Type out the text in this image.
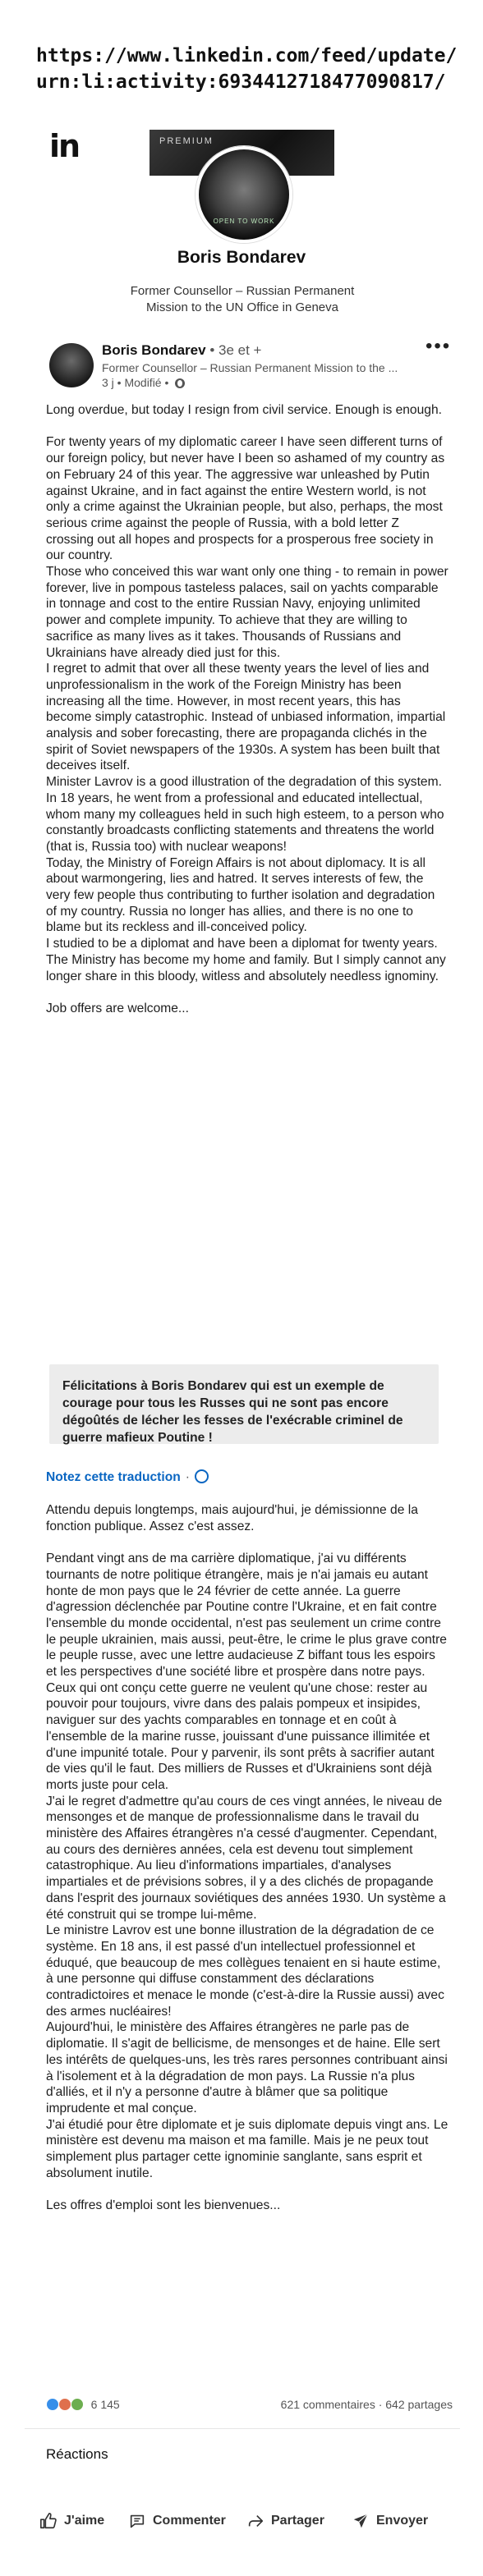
https://www.linkedin.com/feed/update/urn:li:activity:6934412718477090817/
in	PREMIUM
OPEN TO WORK
Boris Bondarev
Former Counsellor – Russian Permanent Mission to the UN Office in Geneva
Boris Bondarev • 3e et +	•••
Former Counsellor – Russian Permanent Mission to the ...
3 j • Modifié •

Long overdue, but today I resign from civil service. Enough is enough.

For twenty years of my diplomatic career I have seen different turns of our foreign policy, but never have I been so ashamed of my country as on February 24 of this year. The aggressive war unleashed by Putin against Ukraine, and in fact against the entire Western world, is not only a crime against the Ukrainian people, but also, perhaps, the most serious crime against the people of Russia, with a bold letter Z crossing out all hopes and prospects for a prosperous free society in our country.

Those who conceived this war want only one thing - to remain in power forever, live in pompous tasteless palaces, sail on yachts comparable in tonnage and cost to the entire Russian Navy, enjoying unlimited power and complete impunity. To achieve that they are willing to sacrifice as many lives as it takes. Thousands of Russians and Ukrainians have already died just for this.

I regret to admit that over all these twenty years the level of lies and unprofessionalism in the work of the Foreign Ministry has been increasing all the time. However, in most recent years, this has become simply catastrophic. Instead of unbiased information, impartial analysis and sober forecasting, there are propaganda clichés in the spirit of Soviet newspapers of the 1930s. A system has been built that deceives itself.

Minister Lavrov is a good illustration of the degradation of this system. In 18 years, he went from a professional and educated intellectual, whom many my colleagues held in such high esteem, to a person who constantly broadcasts conflicting statements and threatens the world (that is, Russia too) with nuclear weapons!

Today, the Ministry of Foreign Affairs is not about diplomacy. It is all about warmongering, lies and hatred. It serves interests of few, the very few people thus contributing to further isolation and degradation of my country. Russia no longer has allies, and there is no one to blame but its reckless and ill-conceived policy.

I studied to be a diplomat and have been a diplomat for twenty years. The Ministry has become my home and family. But I simply cannot any longer share in this bloody, witless and absolutely needless ignominy.

Job offers are welcome...

Félicitations à Boris Bondarev qui est un exemple de courage pour tous les Russes qui ne sont pas encore dégoûtés de lécher les fesses de l'exécrable criminel de guerre mafieux Poutine !
Notez cette traduction ·

Attendu depuis longtemps, mais aujourd'hui, je démissionne de la fonction publique. Assez c'est assez.

Pendant vingt ans de ma carrière diplomatique, j'ai vu différents tournants de notre politique étrangère, mais je n'ai jamais eu autant honte de mon pays que le 24 février de cette année. La guerre d'agression déclenchée par Poutine contre l'Ukraine, et en fait contre l'ensemble du monde occidental, n'est pas seulement un crime contre le peuple ukrainien, mais aussi, peut-être, le crime le plus grave contre le peuple russe, avec une lettre audacieuse Z biffant tous les espoirs et les perspectives d'une société libre et prospère dans notre pays.

Ceux qui ont conçu cette guerre ne veulent qu'une chose: rester au pouvoir pour toujours, vivre dans des palais pompeux et insipides, naviguer sur des yachts comparables en tonnage et en coût à l'ensemble de la marine russe, jouissant d'une puissance illimitée et d'une impunité totale. Pour y parvenir, ils sont prêts à sacrifier autant de vies qu'il le faut. Des milliers de Russes et d'Ukrainiens sont déjà morts juste pour cela.

J'ai le regret d'admettre qu'au cours de ces vingt années, le niveau de mensonges et de manque de professionnalisme dans le travail du ministère des Affaires étrangères n'a cessé d'augmenter. Cependant, au cours des dernières années, cela est devenu tout simplement catastrophique. Au lieu d'informations impartiales, d'analyses impartiales et de prévisions sobres, il y a des clichés de propagande dans l'esprit des journaux soviétiques des années 1930. Un système a été construit qui se trompe lui-même.

Le ministre Lavrov est une bonne illustration de la dégradation de ce système. En 18 ans, il est passé d'un intellectuel professionnel et éduqué, que beaucoup de mes collègues tenaient en si haute estime, à une personne qui diffuse constamment des déclarations contradictoires et menace le monde (c'est-à-dire la Russie aussi) avec des armes nucléaires!

Aujourd'hui, le ministère des Affaires étrangères ne parle pas de diplomatie. Il s'agit de bellicisme, de mensonges et de haine. Elle sert les intérêts de quelques-uns, les très rares personnes contribuant ainsi à l'isolement et à la dégradation de mon pays. La Russie n'a plus d'alliés, et il n'y a personne d'autre à blâmer que sa politique imprudente et mal conçue.

J'ai étudié pour être diplomate et je suis diplomate depuis vingt ans. Le ministère est devenu ma maison et ma famille. Mais je ne peux tout simplement plus partager cette ignominie sanglante, sans esprit et absolument inutile.

Les offres d'emploi sont les bienvenues...

6 145	621 commentaires · 642 partages
Réactions
J'aime	Commenter	Partager	Envoyer
